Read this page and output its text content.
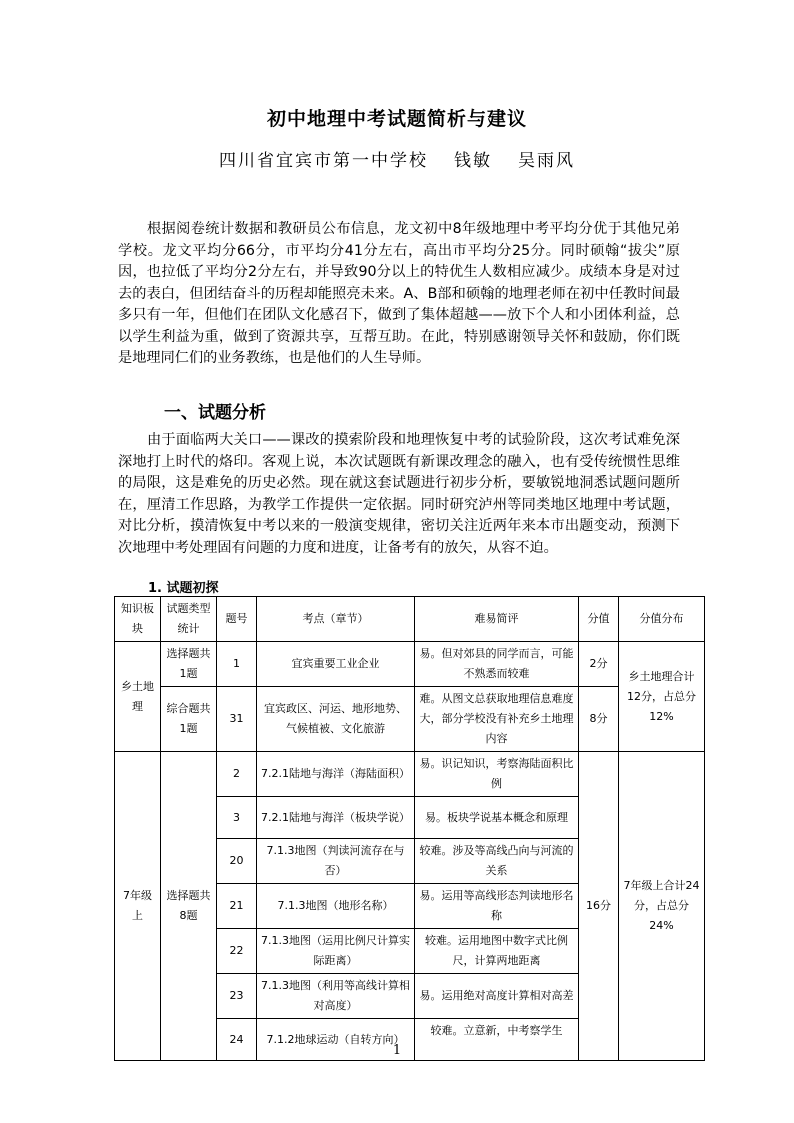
初中地理中考试题简析与建议
四川省宜宾市第一中学校 钱敏 吴雨风
根据阅卷统计数据和教研员公布信息，龙文初中8年级地理中考平均分优于其他兄弟学校。龙文平均分66分，市平均分41分左右，高出市平均分25分。同时硕翰“拔尖”原因，也拉低了平均分2分左右，并导致90分以上的特优生人数相应减少。成绩本身是对过去的表白，但团结奋斗的历程却能照亮未来。A、B部和硕翰的地理老师在初中任教时间最多只有一年，但他们在团队文化感召下，做到了集体超越——放下个人和小团体利益，总以学生利益为重，做到了资源共享，互帮互助。在此，特别感谢领导关怀和鼓励，你们既是地理同仁们的业务教练，也是他们的人生导师。
一、试题分析
由于面临两大关口——课改的摸索阶段和地理恢复中考的试验阶段，这次考试难免深深地打上时代的烙印。客观上说，本次试题既有新课改理念的融入，也有受传统惯性思维的局限，这是难免的历史必然。现在就这套试题进行初步分析，要敏锐地洞悉试题问题所在，厘清工作思路，为教学工作提供一定依据。同时研究泸州等同类地区地理中考试题，对比分析，摸清恢复中考以来的一般演变规律，密切关注近两年来本市出题变动，预测下次地理中考处理固有问题的力度和进度，让备考有的放矢，从容不迫。
1. 试题初探
知识板块	试题类型统计	题号	考点（章节）	难易简评	分值	分值分布
乡土地理	选择题共1题	1	宜宾重要工业企业	易。但对郊县的同学而言，可能不熟悉而较难	2分	乡土地理合计12分，占总分12%
	综合题共1题	31	宜宾政区、河运、地形地势、气候植被、文化旅游	难。从图文总获取地理信息难度大，部分学校没有补充乡土地理内容	8分	
7年级上	选择题共8题	2	7.2.1陆地与海洋（海陆面积）	易。识记知识，考察海陆面积比例	16分	7年级上合计24分，占总分24%
		3	7.2.1陆地与海洋（板块学说）	易。板块学说基本概念和原理		
		20	7.1.3地图（判读河流存在与否）	较难。涉及等高线凸向与河流的关系		
		21	7.1.3地图（地形名称）	易。运用等高线形态判读地形名称		
		22	7.1.3地图（运用比例尺计算实际距离）	较难。运用地图中数字式比例尺，计算两地距离		
		23	7.1.3地图（利用等高线计算相对高度）	易。运用绝对高度计算相对高差		
		24	7.1.2地球运动（自转方向）	较难。立意新，中考察学生		
1
